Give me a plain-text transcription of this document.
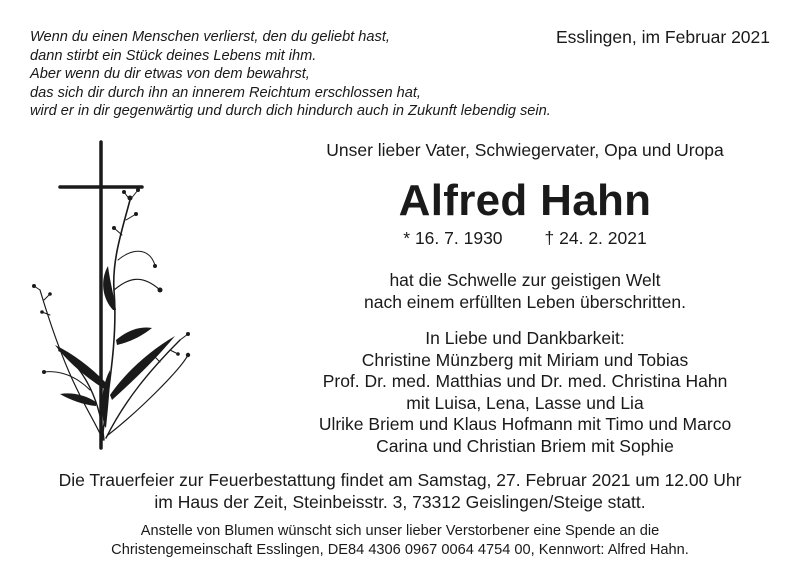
Wenn du einen Menschen verlierst, den du geliebt hast,
dann stirbt ein Stück deines Lebens mit ihm.
Aber wenn du dir etwas von dem bewahrst,
das sich dir durch ihn an innerem Reichtum erschlossen hat,
wird er in dir gegenwärtig und durch dich hindurch auch in Zukunft lebendig sein.
Esslingen, im Februar 2021
Unser lieber Vater, Schwiegervater, Opa und Uropa
Alfred Hahn
* 16. 7. 1930 † 24. 2. 2021
hat die Schwelle zur geistigen Welt
nach einem erfüllten Leben überschritten.
In Liebe und Dankbarkeit:
Christine Münzberg mit Miriam und Tobias
Prof. Dr. med. Matthias und Dr. med. Christina Hahn
mit Luisa, Lena, Lasse und Lia
Ulrike Briem und Klaus Hofmann mit Timo und Marco
Carina und Christian Briem mit Sophie
Die Trauerfeier zur Feuerbestattung findet am Samstag, 27. Februar 2021 um 12.00 Uhr
im Haus der Zeit, Steinbeisstr. 3, 73312 Geislingen/Steige statt.
Anstelle von Blumen wünscht sich unser lieber Verstorbener eine Spende an die
Christengemeinschaft Esslingen, DE84 4306 0967 0064 4754 00, Kennwort: Alfred Hahn.
